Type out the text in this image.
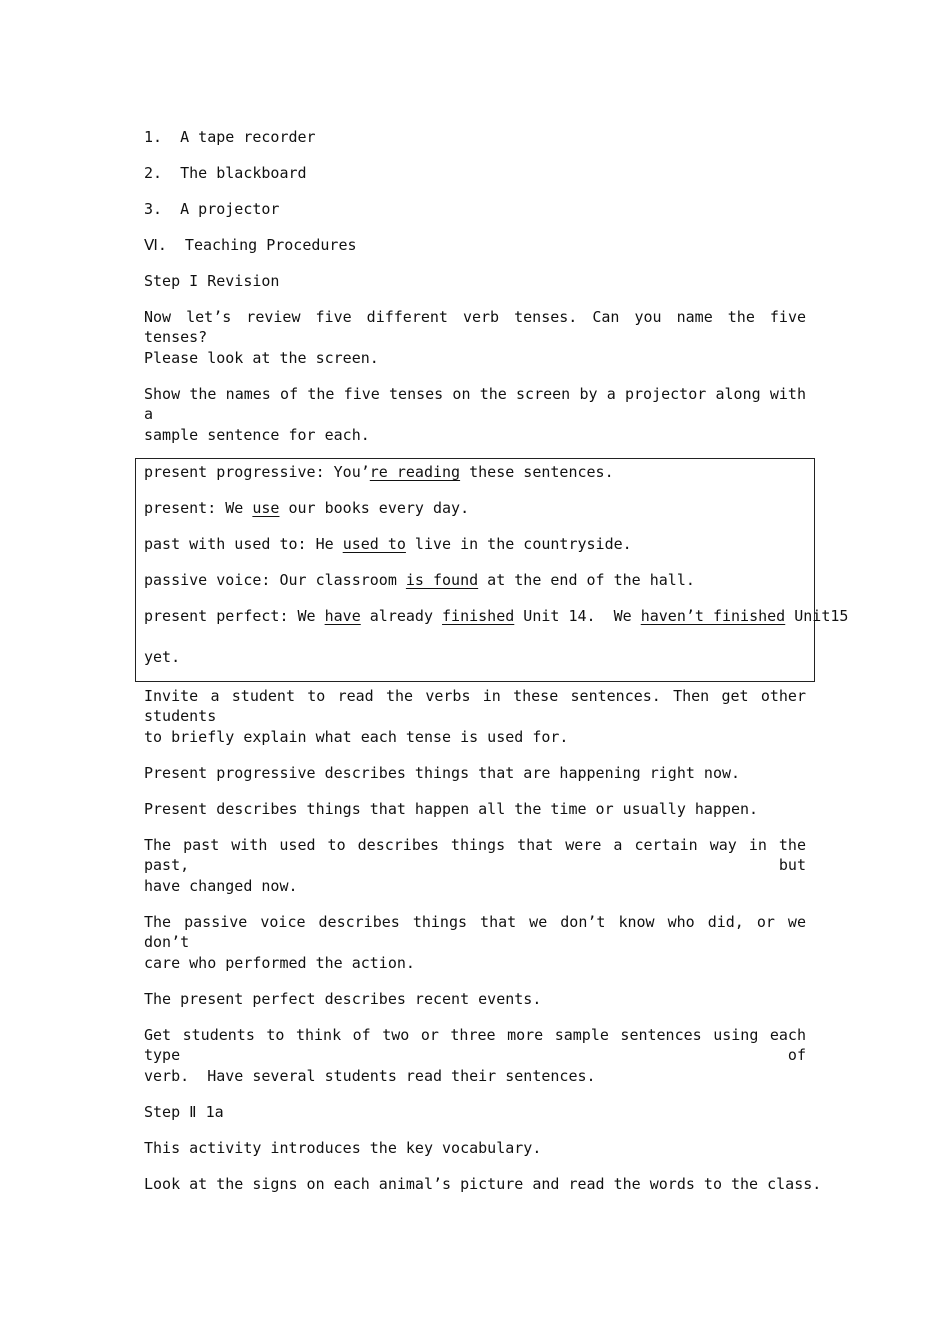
1.  A tape recorder
2.  The blackboard
3.  A projector
Ⅵ.  Teaching Procedures
Step I Revision
Now let’s review five different verb tenses. Can you name the five tenses?
Please look at the screen.
Show the names of the five tenses on the screen by a projector along with a
sample sentence for each.
present progressive: You’re reading these sentences.
present: We use our books every day.
past with used to: He used to live in the countryside.
passive voice: Our classroom is found at the end of the hall.
present perfect: We have already finished Unit 14.  We haven’t finished Unit15
yet.
Invite a student to read the verbs in these sentences. Then get other students
to briefly explain what each tense is used for.
Present progressive describes things that are happening right now.
Present describes things that happen all the time or usually happen.
The past with used to describes things that were a certain way in the past, but
have changed now.
The passive voice describes things that we don’t know who did, or we don’t
care who performed the action.
The present perfect describes recent events.
Get students to think of two or three more sample sentences using each type of
verb.  Have several students read their sentences.
Step Ⅱ 1a
This activity introduces the key vocabulary.
Look at the signs on each animal’s picture and read the words to the class.
